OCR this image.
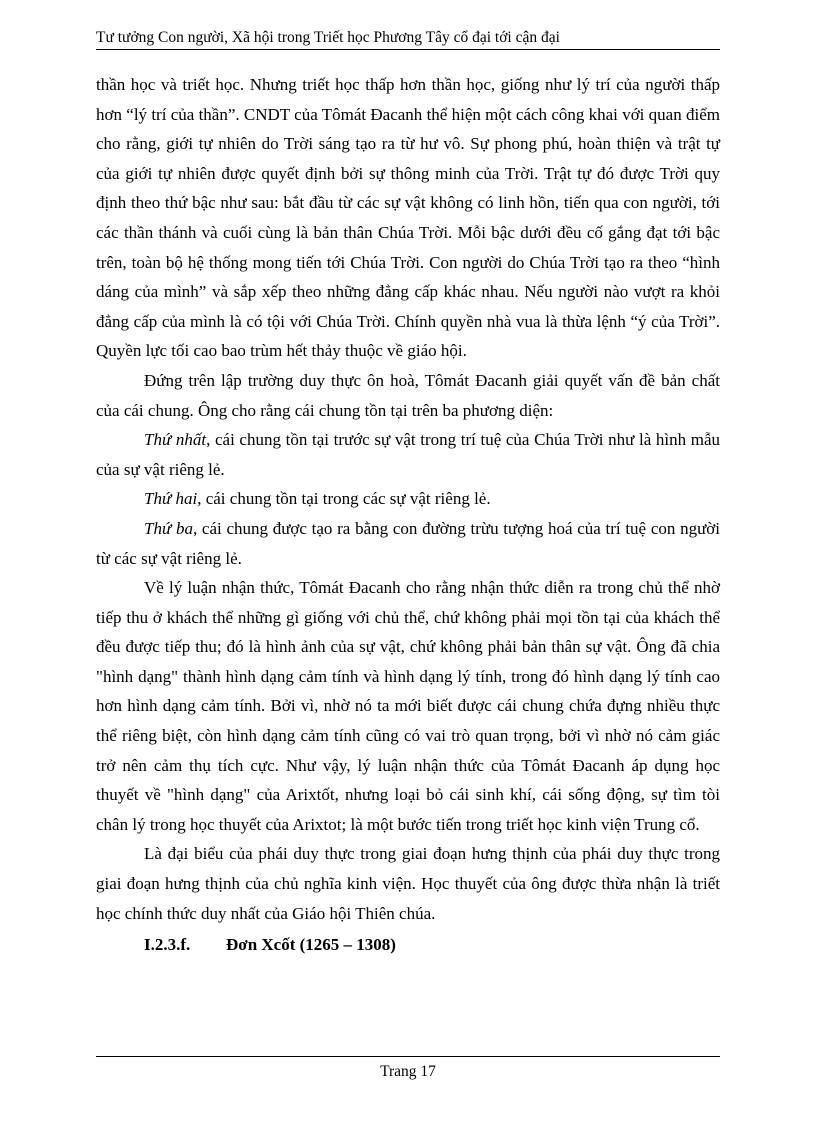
Tư tưởng Con người, Xã hội trong Triết học Phương Tây cổ đại tới cận đại

thần học và triết học. Nhưng triết học thấp hơn thần học, giống như lý trí của người thấp hơn “lý trí của thần”. CNDT của Tômát Đacanh thể hiện một cách công khai với quan điểm cho rằng, giới tự nhiên do Trời sáng tạo ra từ hư vô. Sự phong phú, hoàn thiện và trật tự của giới tự nhiên được quyết định bởi sự thông minh của Trời. Trật tự đó được Trời quy định theo thứ bậc như sau: bắt đầu từ các sự vật không có linh hồn, tiến qua con người, tới các thần thánh và cuối cùng là bản thân Chúa Trời. Mỗi bậc dưới đều cố gắng đạt tới bậc trên, toàn bộ hệ thống mong tiến tới Chúa Trời. Con người do Chúa Trời tạo ra theo “hình dáng của mình” và sắp xếp theo những đẳng cấp khác nhau. Nếu người nào vượt ra khỏi đẳng cấp của mình là có tội với Chúa Trời. Chính quyền nhà vua là thừa lệnh “ý của Trời”. Quyền lực tối cao bao trùm hết thảy thuộc về giáo hội.

Đứng trên lập trường duy thực ôn hoà, Tômát Đacanh giải quyết vấn đề bản chất của cái chung. Ông cho rằng cái chung tồn tại trên ba phương diện:

Thứ nhất, cái chung tồn tại trước sự vật trong trí tuệ của Chúa Trời như là hình mẫu của sự vật riêng lẻ.

Thứ hai, cái chung tồn tại trong các sự vật riêng lẻ.

Thứ ba, cái chung được tạo ra bằng con đường trừu tượng hoá của trí tuệ con người từ các sự vật riêng lẻ.

Về lý luận nhận thức, Tômát Đacanh cho rằng nhận thức diễn ra trong chủ thể nhờ tiếp thu ở khách thể những gì giống với chủ thể, chứ không phải mọi tồn tại của khách thể đều được tiếp thu; đó là hình ảnh của sự vật, chứ không phải bản thân sự vật. Ông đã chia "hình dạng" thành hình dạng cảm tính và hình dạng lý tính, trong đó hình dạng lý tính cao hơn hình dạng cảm tính. Bởi vì, nhờ nó ta mới biết được cái chung chứa đựng nhiều thực thể riêng biệt, còn hình dạng cảm tính cũng có vai trò quan trọng, bởi vì nhờ nó cảm giác trở nên cảm thụ tích cực. Như vậy, lý luận nhận thức của Tômát Đacanh áp dụng học thuyết về "hình dạng" của Arixtốt, nhưng loại bỏ cái sinh khí, cái sống động, sự tìm tòi chân lý trong học thuyết của Arixtot; là một bước tiến trong triết học kinh viện Trung cổ.

Là đại biểu của phái duy thực trong giai đoạn hưng thịnh của phái duy thực trong giai đoạn hưng thịnh của chủ nghĩa kinh viện. Học thuyết của ông được thừa nhận là triết học chính thức duy nhất của Giáo hội Thiên chúa.

I.2.3.f. Đơn Xcốt (1265 – 1308)

Trang 17
